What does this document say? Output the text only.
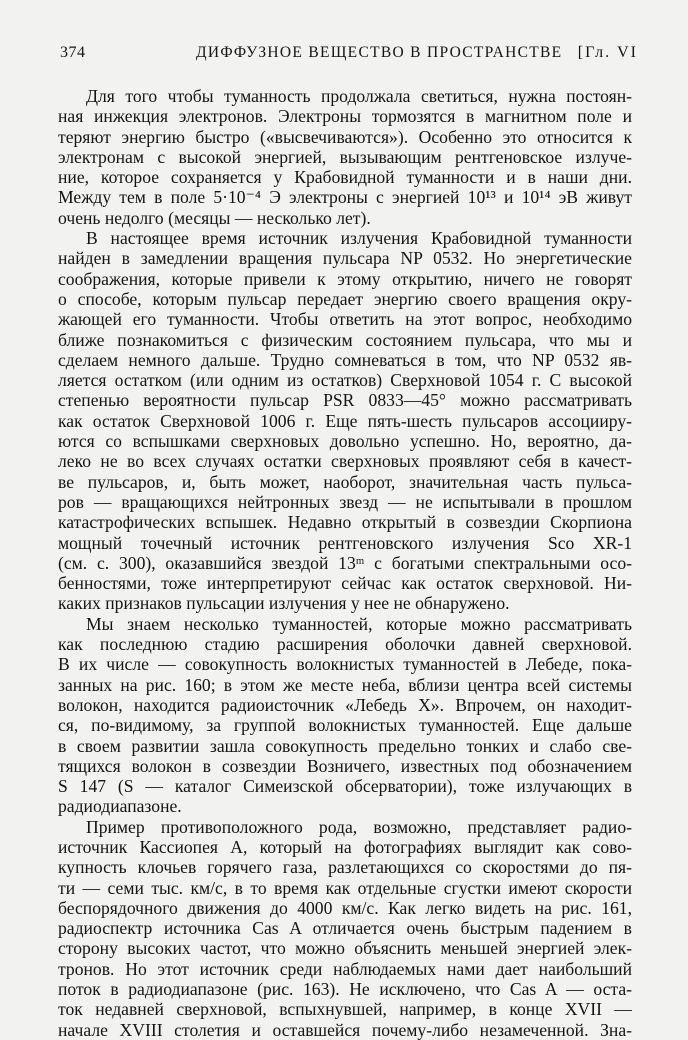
374	ДИФФУЗНОЕ ВЕЩЕСТВО В ПРОСТРАНСТВЕ [Гл. VI
Для того чтобы туманность продолжала светиться, нужна постоян-
ная инжекция электронов. Электроны тормозятся в магнитном поле и
теряют энергию быстро («высвечиваются»). Особенно это относится к
электронам с высокой энергией, вызывающим рентгеновское излуче-
ние, которое сохраняется у Крабовидной туманности и в наши дни.
Между тем в поле 5·10⁻⁴ Э электроны с энергией 10¹³ и 10¹⁴ эВ живут
очень недолго (месяцы — несколько лет).
В настоящее время источник излучения Крабовидной туманности
найден в замедлении вращения пульсара NP 0532. Но энергетические
соображения, которые привели к этому открытию, ничего не говорят
о способе, которым пульсар передает энергию своего вращения окру-
жающей его туманности. Чтобы ответить на этот вопрос, необходимо
ближе познакомиться с физическим состоянием пульсара, что мы и
сделаем немного дальше. Трудно сомневаться в том, что NP 0532 яв-
ляется остатком (или одним из остатков) Сверхновой 1054 г. С высокой
степенью вероятности пульсар PSR 0833—45° можно рассматривать
как остаток Сверхновой 1006 г. Еще пять-шесть пульсаров ассоцииру-
ются со вспышками сверхновых довольно успешно. Но, вероятно, да-
леко не во всех случаях остатки сверхновых проявляют себя в качест-
ве пульсаров, и, быть может, наоборот, значительная часть пульса-
ров — вращающихся нейтронных звезд — не испытывали в прошлом
катастрофических вспышек. Недавно открытый в созвездии Скорпиона
мощный точечный источник рентгеновского излучения Sco XR-1
(см. с. 300), оказавшийся звездой 13ᵐ с богатыми спектральными осо-
бенностями, тоже интерпретируют сейчас как остаток сверхновой. Ни-
каких признаков пульсации излучения у нее не обнаружено.
Мы знаем несколько туманностей, которые можно рассматривать
как последнюю стадию расширения оболочки давней сверхновой.
В их числе — совокупность волокнистых туманностей в Лебеде, пока-
занных на рис. 160; в этом же месте неба, вблизи центра всей системы
волокон, находится радиоисточник «Лебедь X». Впрочем, он находит-
ся, по-видимому, за группой волокнистых туманностей. Еще дальше
в своем развитии зашла совокупность предельно тонких и слабо све-
тящихся волокон в созвездии Возничего, известных под обозначением
S 147 (S — каталог Симеизской обсерватории), тоже излучающих в
радиодиапазоне.
Пример противоположного рода, возможно, представляет радио-
источник Кассиопея А, который на фотографиях выглядит как сово-
купность клочьев горячего газа, разлетающихся со скоростями до пя-
ти — семи тыс. км/с, в то время как отдельные сгустки имеют скорости
беспорядочного движения до 4000 км/с. Как легко видеть на рис. 161,
радиоспектр источника Cas A отличается очень быстрым падением в
сторону высоких частот, что можно объяснить меньшей энергией элек-
тронов. Но этот источник среди наблюдаемых нами дает наибольший
поток в радиодиапазоне (рис. 163). Не исключено, что Cas A — оста-
ток недавней сверхновой, вспыхнувшей, например, в конце XVII —
начале XVIII столетия и оставшейся почему-либо незамеченной. Зна-
